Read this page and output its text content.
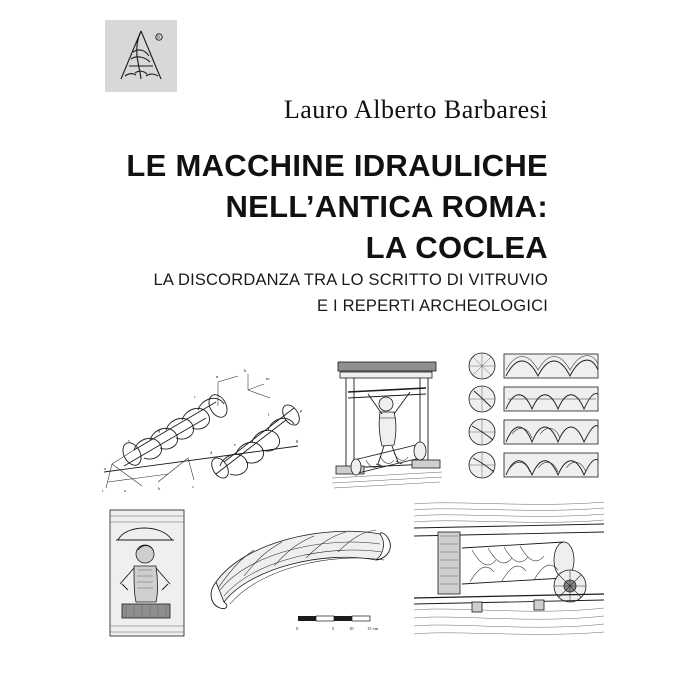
R
Lauro Alberto Barbaresi
LE MACCHINE IDRAULICHE
NELL’ANTICA ROMA:
LA COCLEA
LA DISCORDANZA TRA LO SCRITTO DI VITRUVIO
E I REPERTI ARCHEOLOGICI
a
t	a	b	c
d
e
f
g
h
m
n
p
q
r
s
0	5	10	15 cm
